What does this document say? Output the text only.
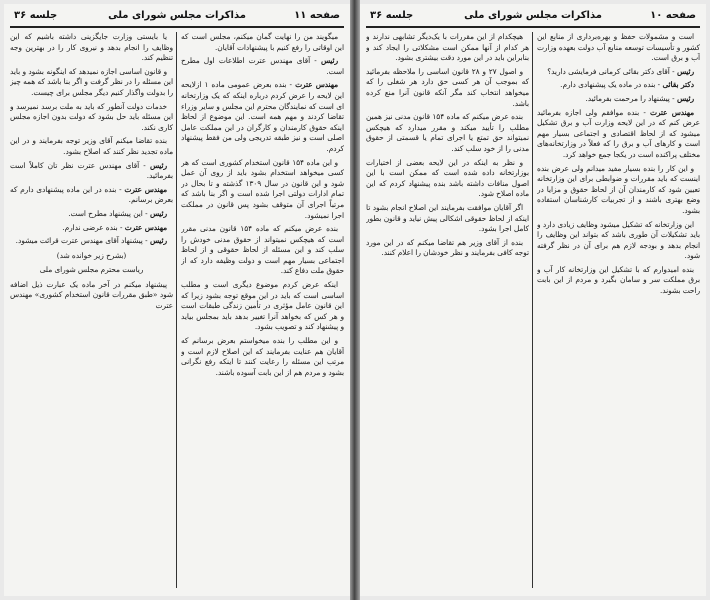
صفحه ۱۱
مذاکرات مجلس شورای ملی
جلسه ۳۶

میگویند من را نهایت گمان میکنم، مجلس است که این اوقاتی را رفع کنیم با پیشنهادات آقایان.

رئیس - آقای مهندس عترت اطلاعات اول مطرح است.

مهندس عترت - بنده بعرض عمومی ماده ۱ ازلایحه این لایحه را عرض کردم درباره اینکه که یک وزارتخانه ای است که نمایندگان محترم این مجلس و سایر وزراء تقاضا کردند و مهم همه است. این موضوع از لحاظ اینکه حقوق کارمندان و کارگران در این مملکت عامل اصلی است و نیز طبقه تدریجی ولی من فقط پیشنهاد کردم.

و این ماده ۱۵۴ قانون استخدام کشوری است که هر کسی میخواهد استخدام بشود باید از روی آن عمل شود و این قانون در سال ۱۳۰۹ گذشته و تا بحال در تمام ادارات دولتی اجرا شده است و اگر بنا باشد که مرتباً اجرای آن متوقف بشود پس قانون در مملکت اجرا نمیشود.

بنده عرض میکنم که ماده ۱۵۴ قانون مدنی مقرر است که هیچکس نمیتواند از حقوق مدنی خودش را سلب کند و این مسئله از لحاظ حقوقی و از لحاظ اجتماعی بسیار مهم است و دولت وظیفه دارد که از حقوق ملت دفاع کند.

اینکه عرض کردم موضوع دیگری است و مطلب اساسی است که باید در این موقع توجه بشود زیرا که این قانون عامل مؤثری در تأمین زندگی طبقات است و هر کس که بخواهد آنرا تغییر بدهد باید بمجلس بیاید و پیشنهاد کند و تصویب بشود.

و این مطلب را بنده میخواستم بعرض برسانم که آقایان هم عنایت بفرمایند که این اصلاح لازم است و مرتب این مسئله را رعایت کنند تا اینکه رفع نگرانی بشود و مردم هم از این بابت آسوده باشند.

یا بایستی وزارت جایگزینی داشته باشیم که این وظایف را انجام بدهد و نیروی کار را در بهترین وجه تنظیم کند.

و قانون اساسی اجازه نمیدهد که اینگونه بشود و باید این مسئله را در نظر گرفت و اگر بنا باشد که همه چیز را بدولت واگذار کنیم دیگر مجلس برای چیست.

خدمات دولت آنطور که باید به ملت برسد نمیرسد و این مسئله باید حل بشود که دولت بدون اجازه مجلس کاری نکند.

بنده تقاضا میکنم آقای وزیر توجه بفرمایند و در این ماده تجدید نظر کنند که اصلاح بشود.

رئیس - آقای مهندس عترت نظر تان کاملاً است بفرمائید.

مهندس عترت - بنده در این ماده پیشنهادی دارم که بعرض برسانم.

رئیس - این پیشنهاد مطرح است.

مهندس عترت - بنده عرضی ندارم.

رئیس - پیشنهاد آقای مهندس عترت قرائت میشود.

(بشرح زیر خوانده شد)

ریاست محترم مجلس شورای ملی

پیشنهاد میکنم در آخر ماده یک عبارت ذیل اضافه شود «طبق مقررات قانون استخدام کشوری» مهندس عترت

صفحه ۱۰
مذاکرات مجلس شورای ملی
جلسه ۳۶

است و مشمولات حفظ و بهره‌برداری از منابع این کشور و تأسیسات توسعه منابع آب دولت بعهده وزارت آب و برق است.

رئیس - آقای دکتر بقائی کرمانی فرمایشی دارید؟

دکتر بقائی - بنده در ماده یک پیشنهادی دارم.

رئیس - پیشنهاد را مرحمت بفرمائید.

مهندس عترت - بنده موافقم ولی اجازه بفرمائید عرض کنم که در این لایحه وزارت آب و برق تشکیل میشود که از لحاظ اقتصادی و اجتماعی بسیار مهم است و کارهای آب و برق را که فعلاً در وزارتخانه‌های مختلف پراکنده است در یکجا جمع خواهد کرد.

و این کار را بنده بسیار مفید میدانم ولی عرض بنده اینست که باید مقررات و ضوابطی برای این وزارتخانه تعیین شود که کارمندان آن از لحاظ حقوق و مزایا در وضع بهتری باشند و از تجربیات کارشناسان استفاده بشود.

این وزارتخانه که تشکیل میشود وظایف زیادی دارد و باید تشکیلات آن طوری باشد که بتواند این وظایف را انجام بدهد و بودجه لازم هم برای آن در نظر گرفته شود.

بنده امیدوارم که با تشکیل این وزارتخانه کار آب و برق مملکت سر و سامان بگیرد و مردم از این بابت راحت بشوند.

هیچکدام از این مقررات با یک‌دیگر تشابهی ندارند و هر کدام از آنها ممکن است مشکلاتی را ایجاد کند و بنابراین باید در این مورد دقت بیشتری بشود.

و اصول ۲۷ و ۲۸ قانون اساسی را ملاحظه بفرمائید که بموجب آن هر کسی حق دارد هر شغلی را که میخواهد انتخاب کند مگر آنکه قانون آنرا منع کرده باشد.

بنده عرض میکنم که ماده ۱۵۴ قانون مدنی نیز همین مطلب را تأیید میکند و مقرر میدارد که هیچکس نمیتواند حق تمتع یا اجرای تمام یا قسمتی از حقوق مدنی را از خود سلب کند.

و نظر به اینکه در این لایحه بعضی از اختیارات بوزارتخانه داده شده است که ممکن است با این اصول منافات داشته باشد بنده پیشنهاد کردم که این ماده اصلاح شود.

اگر آقایان موافقت بفرمایند این اصلاح انجام بشود تا اینکه از لحاظ حقوقی اشکالی پیش نیاید و قانون بطور کامل اجرا بشود.

بنده از آقای وزیر هم تقاضا میکنم که در این مورد توجه کافی بفرمایند و نظر خودشان را اعلام کنند.
